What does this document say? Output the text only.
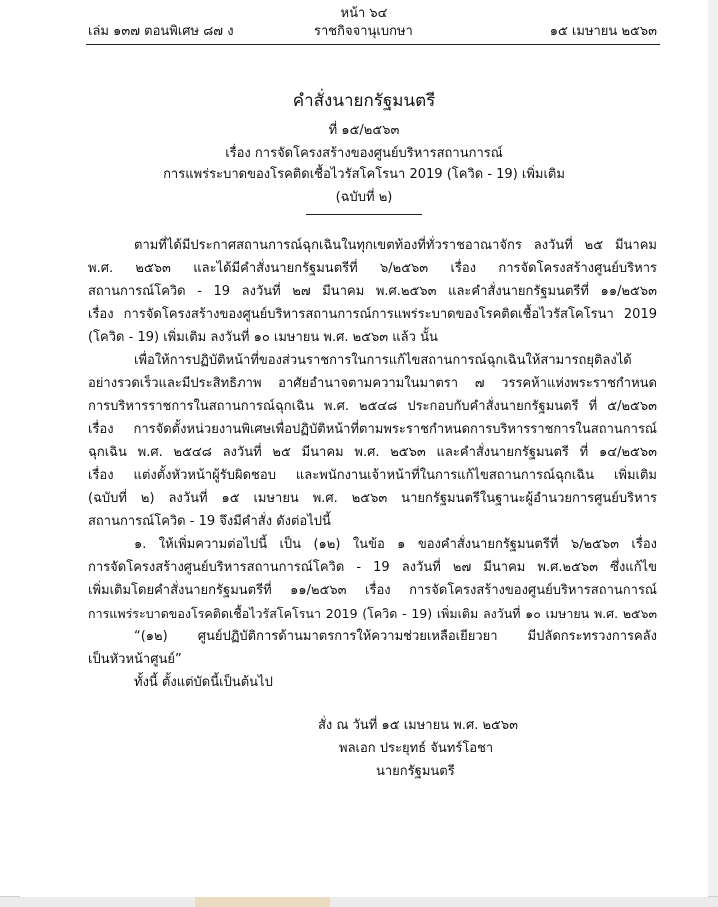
หน้า ๖๔
เล่ม ๑๓๗ ตอนพิเศษ ๘๗ ง	ราชกิจจานุเบกษา	๑๕ เมษายน ๒๕๖๓
คำสั่งนายกรัฐมนตรี
ที่ ๑๕/๒๕๖๓
เรื่อง การจัดโครงสร้างของศูนย์บริหารสถานการณ์
การแพร่ระบาดของโรคติดเชื้อไวรัสโคโรนา 2019 (โควิด - 19) เพิ่มเติม
(ฉบับที่ ๒)
ตามที่ได้มีประกาศสถานการณ์ฉุกเฉินในทุกเขตท้องที่ทั่วราชอาณาจักร ลงวันที่ ๒๕ มีนาคม
พ.ศ. ๒๕๖๓ และได้มีคำสั่งนายกรัฐมนตรีที่ ๖/๒๕๖๓ เรื่อง การจัดโครงสร้างศูนย์บริหาร
สถานการณ์โควิด - 19 ลงวันที่ ๒๗ มีนาคม พ.ศ.๒๕๖๓ และคำสั่งนายกรัฐมนตรีที่ ๑๑/๒๕๖๓
เรื่อง การจัดโครงสร้างของศูนย์บริหารสถานการณ์การแพร่ระบาดของโรคติดเชื้อไวรัสโคโรนา 2019
(โควิด - 19) เพิ่มเติม ลงวันที่ ๑๐ เมษายน พ.ศ. ๒๕๖๓ แล้ว นั้น
เพื่อให้การปฏิบัติหน้าที่ของส่วนราชการในการแก้ไขสถานการณ์ฉุกเฉินให้สามารถยุติลงได้
อย่างรวดเร็วและมีประสิทธิภาพ อาศัยอำนาจตามความในมาตรา ๗ วรรคห้าแห่งพระราชกำหนด
การบริหารราชการในสถานการณ์ฉุกเฉิน พ.ศ. ๒๕๔๘ ประกอบกับคำสั่งนายกรัฐมนตรี ที่ ๕/๒๕๖๓
เรื่อง การจัดตั้งหน่วยงานพิเศษเพื่อปฏิบัติหน้าที่ตามพระราชกำหนดการบริหารราชการในสถานการณ์
ฉุกเฉิน พ.ศ. ๒๕๔๘ ลงวันที่ ๒๕ มีนาคม พ.ศ. ๒๕๖๓ และคำสั่งนายกรัฐมนตรี ที่ ๑๔/๒๕๖๓
เรื่อง แต่งตั้งหัวหน้าผู้รับผิดชอบ และพนักงานเจ้าหน้าที่ในการแก้ไขสถานการณ์ฉุกเฉิน เพิ่มเติม
(ฉบับที่ ๒) ลงวันที่ ๑๕ เมษายน พ.ศ. ๒๕๖๓ นายกรัฐมนตรีในฐานะผู้อำนวยการศูนย์บริหาร
สถานการณ์โควิด - 19 จึงมีคำสั่ง ดังต่อไปนี้
๑. ให้เพิ่มความต่อไปนี้ เป็น (๑๒) ในข้อ ๑ ของคำสั่งนายกรัฐมนตรีที่ ๖/๒๕๖๓ เรื่อง
การจัดโครงสร้างศูนย์บริหารสถานการณ์โควิด - 19 ลงวันที่ ๒๗ มีนาคม พ.ศ.๒๕๖๓ ซึ่งแก้ไข
เพิ่มเติมโดยคำสั่งนายกรัฐมนตรีที่ ๑๑/๒๕๖๓ เรื่อง การจัดโครงสร้างของศูนย์บริหารสถานการณ์
การแพร่ระบาดของโรคติดเชื้อไวรัสโคโรนา 2019 (โควิด - 19) เพิ่มเติม ลงวันที่ ๑๐ เมษายน พ.ศ. ๒๕๖๓
“(๑๒) ศูนย์ปฏิบัติการด้านมาตรการให้ความช่วยเหลือเยียวยา มีปลัดกระทรวงการคลัง
เป็นหัวหน้าศูนย์”
ทั้งนี้ ตั้งแต่บัดนี้เป็นต้นไป
สั่ง ณ วันที่ ๑๕ เมษายน พ.ศ. ๒๕๖๓
พลเอก ประยุทธ์ จันทร์โอชา
นายกรัฐมนตรี
